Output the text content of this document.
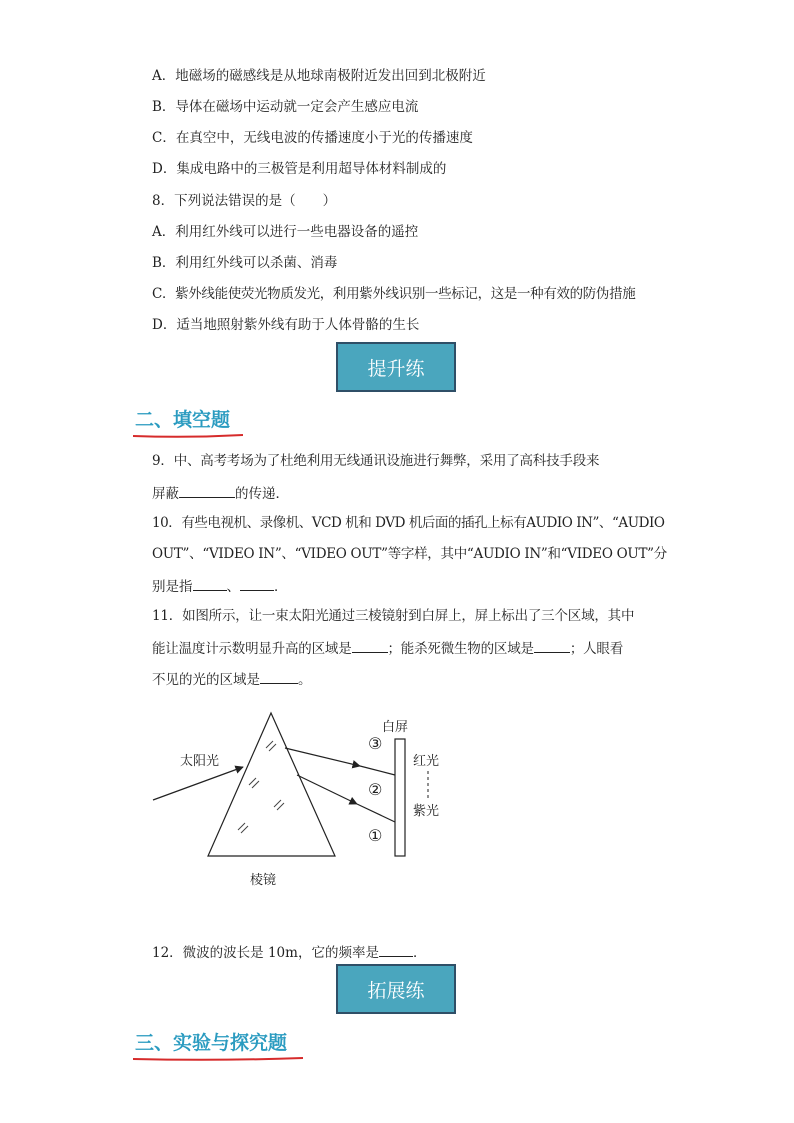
A．地磁场的磁感线是从地球南极附近发出回到北极附近
B．导体在磁场中运动就一定会产生感应电流
C．在真空中，无线电波的传播速度小于光的传播速度
D．集成电路中的三极管是利用超导体材料制成的
8．下列说法错误的是（　　）
A．利用红外线可以进行一些电器设备的遥控
B．利用红外线可以杀菌、消毒
C．紫外线能使荧光物质发光，利用紫外线识别一些标记，这是一种有效的防伪措施
D．适当地照射紫外线有助于人体骨骼的生长
提升练
二、填空题
9．中、高考考场为了杜绝利用无线通讯设施进行舞弊，采用了高科技手段来
屏蔽	的传递．
10．有些电视机、录像机、VCD 机和 DVD 机后面的插孔上标有AUDIO IN”、“AUDIO
OUT”、“VIDEO IN”、“VIDEO OUT”等字样，其中“AUDIO IN”和“VIDEO OUT”分
别是指	、	．
11．如图所示，让一束太阳光通过三棱镜射到白屏上，屏上标出了三个区域，其中
能让温度计示数明显升高的区域是	；能杀死微生物的区域是	；人眼看
不见的光的区域是	。
太阳光
白屏
红光
紫光
③
②
①
棱镜
12．微波的波长是 10m，它的频率是	．
拓展练
三、实验与探究题
